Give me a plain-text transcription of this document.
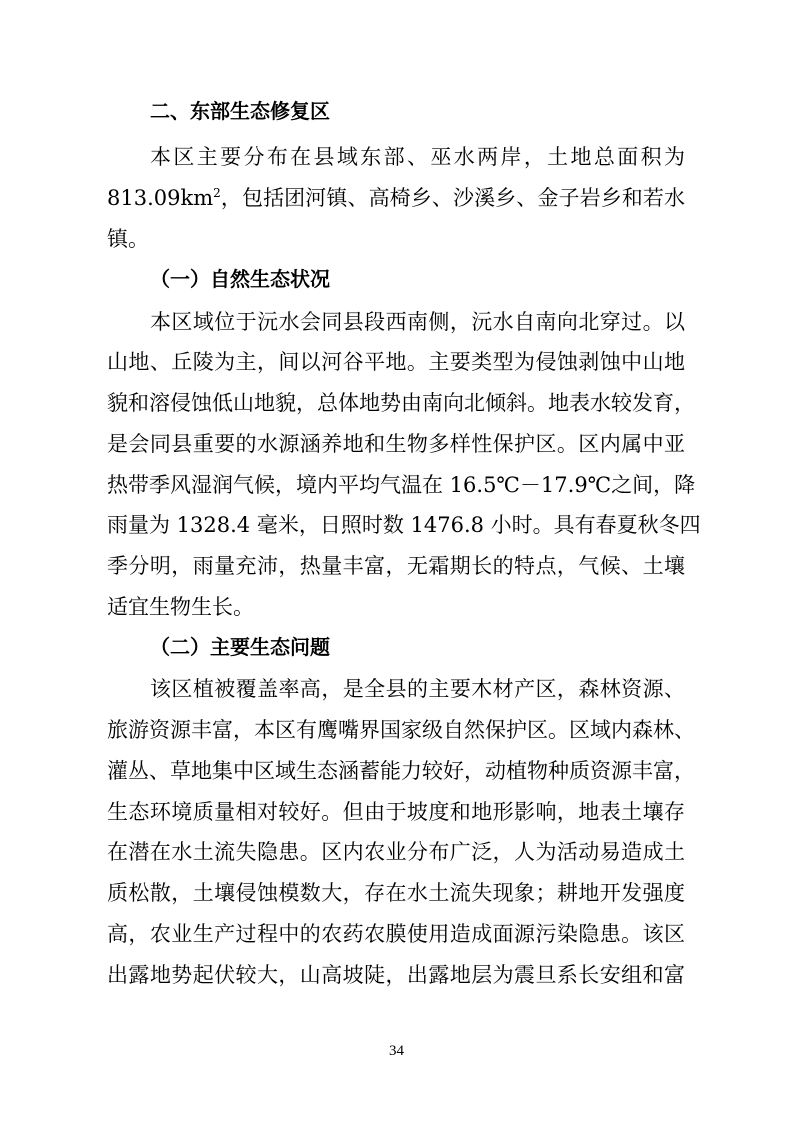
二、东部生态修复区
本区主要分布在县域东部、巫水两岸，土地总面积为
$813.09km^2$，包括团河镇、高椅乡、沙溪乡、金子岩乡和若水
镇。
（一）自然生态状况
本区域位于沅水会同县段西南侧，沅水自南向北穿过。以
山地、丘陵为主，间以河谷平地。主要类型为侵蚀剥蚀中山地
貌和溶侵蚀低山地貌，总体地势由南向北倾斜。地表水较发育，
是会同县重要的水源涵养地和生物多样性保护区。区内属中亚
热带季风湿润气候，境内平均气温在 16.5℃－17.9℃之间，降
雨量为 1328.4 毫米，日照时数 1476.8 小时。具有春夏秋冬四
季分明，雨量充沛，热量丰富，无霜期长的特点，气候、土壤
适宜生物生长。
（二）主要生态问题
该区植被覆盖率高，是全县的主要木材产区，森林资源、
旅游资源丰富，本区有鹰嘴界国家级自然保护区。区域内森林、
灌丛、草地集中区域生态涵蓄能力较好，动植物种质资源丰富，
生态环境质量相对较好。但由于坡度和地形影响，地表土壤存
在潜在水土流失隐患。区内农业分布广泛，人为活动易造成土
质松散，土壤侵蚀模数大，存在水土流失现象；耕地开发强度
高，农业生产过程中的农药农膜使用造成面源污染隐患。该区
出露地势起伏较大，山高坡陡，出露地层为震旦系长安组和富
34
